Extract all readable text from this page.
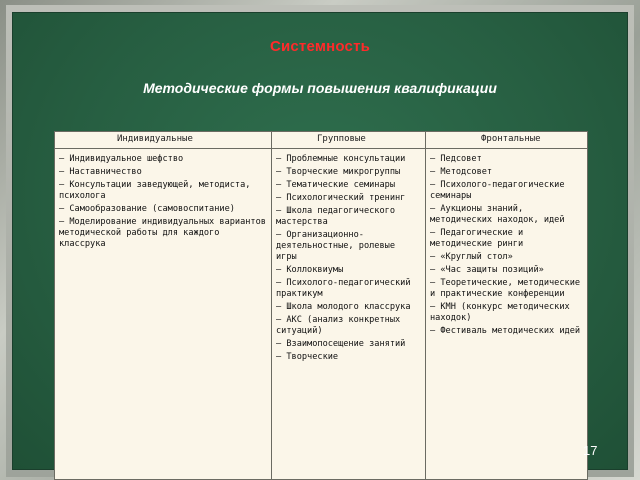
Системность
Методические формы повышения квалификации
Индивидуальные	Групповые	Фронтальные
– Индивидуальное шефство
– Наставничество
– Консультации заведующей, методиста, психолога
– Самообразование (самовоспитание)
– Моделирование индивидуальных вариантов методической работы для каждого классрука
– Проблемные консультации
– Творческие микрогруппы
– Тематические семинары
– Психологический тренинг
– Школа педагогического мастерства
– Организационно-деятельностные, ролевые игры
– Коллоквиумы
– Психолого-педагогический практикум
– Школа молодого классрука
– АКС (анализ конкретных ситуаций)
– Взаимопосещение занятий
– Творческие
– Педсовет
– Методсовет
– Психолого-педагогические семинары
– Аукционы знаний, методических находок, идей
– Педагогические и методические ринги
– «Круглый стол»
– «Час защиты позиций»
– Теоретические, методические и практические конференции
– КМН (конкурс методических находок)
– Фестиваль методических идей
17
